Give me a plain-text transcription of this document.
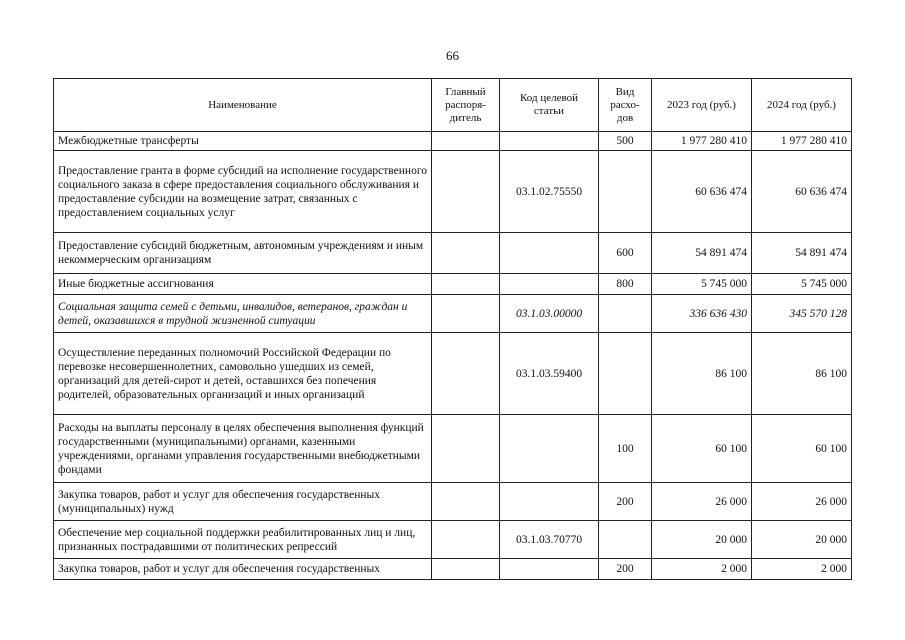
66
Наименование	Главный распоря-дитель	Код целевой статьи	Вид расхо-дов	2023 год (руб.)	2024 год (руб.)
Межбюджетные трансферты			500	1 977 280 410	1 977 280 410
Предоставление гранта в форме субсидий на исполнение государственного социального заказа в сфере предоставления социального обслуживания и предоставление субсидии на возмещение затрат, связанных с предоставлением социальных услуг		03.1.02.75550		60 636 474	60 636 474
Предоставление субсидий бюджетным, автономным учреждениям и иным некоммерческим организациям			600	54 891 474	54 891 474
Иные бюджетные ассигнования			800	5 745 000	5 745 000
Социальная защита семей с детьми, инвалидов, ветеранов, граждан и детей, оказавшихся в трудной жизненной ситуации		03.1.03.00000		336 636 430	345 570 128
Осуществление переданных полномочий Российской Федерации по перевозке несовершеннолетних, самовольно ушедших из семей, организаций для детей-сирот и детей, оставшихся без попечения родителей, образовательных организаций и иных организаций		03.1.03.59400		86 100	86 100
Расходы на выплаты персоналу в целях обеспечения выполнения функций государственными (муниципальными) органами, казенными учреждениями, органами управления государственными внебюджетными фондами			100	60 100	60 100
Закупка товаров, работ и услуг для обеспечения государственных (муниципальных) нужд			200	26 000	26 000
Обеспечение мер социальной поддержки реабилитированных лиц и лиц, признанных пострадавшими от политических репрессий		03.1.03.70770		20 000	20 000
Закупка товаров, работ и услуг для обеспечения государственных			200	2 000	2 000
